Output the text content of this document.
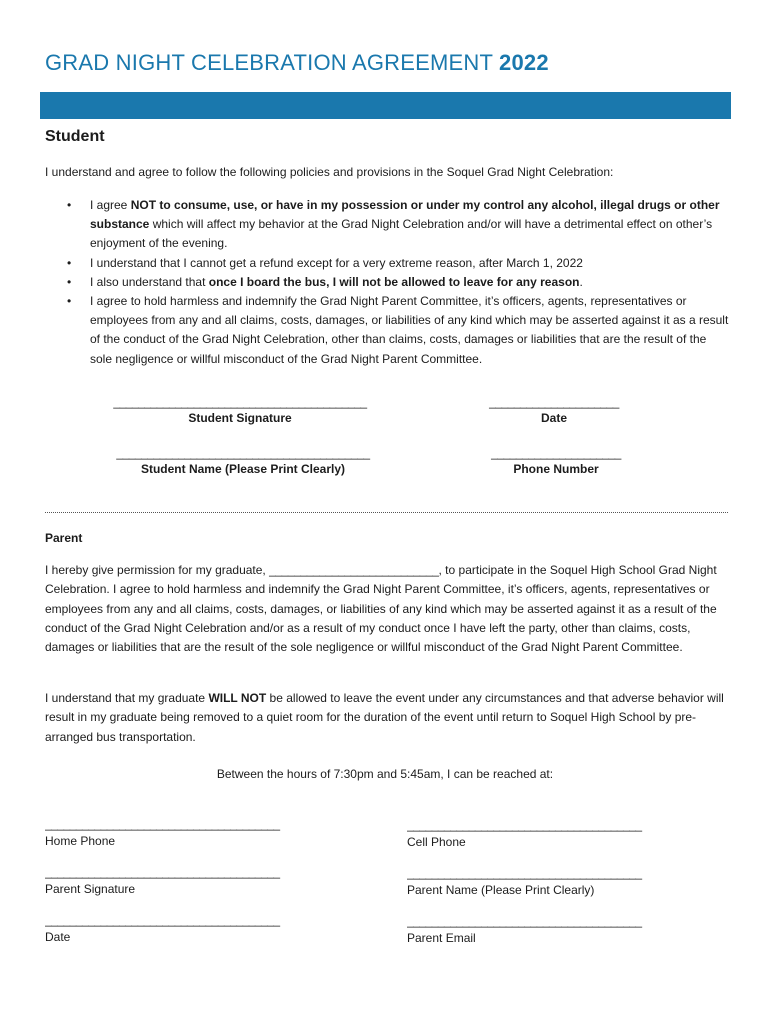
GRAD NIGHT CELEBRATION AGREEMENT 2022
Student
I understand and agree to follow the following policies and provisions in the Soquel Grad Night Celebration:
• I agree NOT to consume, use, or have in my possession or under my control any alcohol, illegal drugs or other substance which will affect my behavior at the Grad Night Celebration and/or will have a detrimental effect on other’s enjoyment of the evening.
• I understand that I cannot get a refund except for a very extreme reason, after March 1, 2022
• I also understand that once I board the bus, I will not be allowed to leave for any reason.
• I agree to hold harmless and indemnify the Grad Night Parent Committee, it’s officers, agents, representatives or employees from any and all claims, costs, damages, or liabilities of any kind which may be asserted against it as a result of the conduct of the Grad Night Celebration, other than claims, costs, damages or liabilities that are the result of the sole negligence or willful misconduct of the Grad Night Parent Committee.
_________________________________________
Student Signature
_____________________
Date
_________________________________________
Student Name (Please Print Clearly)
_____________________
Phone Number
Parent
I hereby give permission for my graduate, ___________________________, to participate in the Soquel High School Grad Night Celebration. I agree to hold harmless and indemnify the Grad Night Parent Committee, it’s officers, agents, representatives or employees from any and all claims, costs, damages, or liabilities of any kind which may be asserted against it as a result of the conduct of the Grad Night Celebration and/or as a result of my conduct once I have left the party, other than claims, costs, damages or liabilities that are the result of the sole negligence or willful misconduct of the Grad Night Parent Committee.
I understand that my graduate WILL NOT be allowed to leave the event under any circumstances and that adverse behavior will result in my graduate being removed to a quiet room for the duration of the event until return to Soquel High School by pre-arranged bus transportation.
Between the hours of 7:30pm and 5:45am, I can be reached at:
______________________________________
Home Phone
______________________________________
Cell Phone
______________________________________
Parent Signature
______________________________________
Parent Name (Please Print Clearly)
______________________________________
Date
______________________________________
Parent Email
